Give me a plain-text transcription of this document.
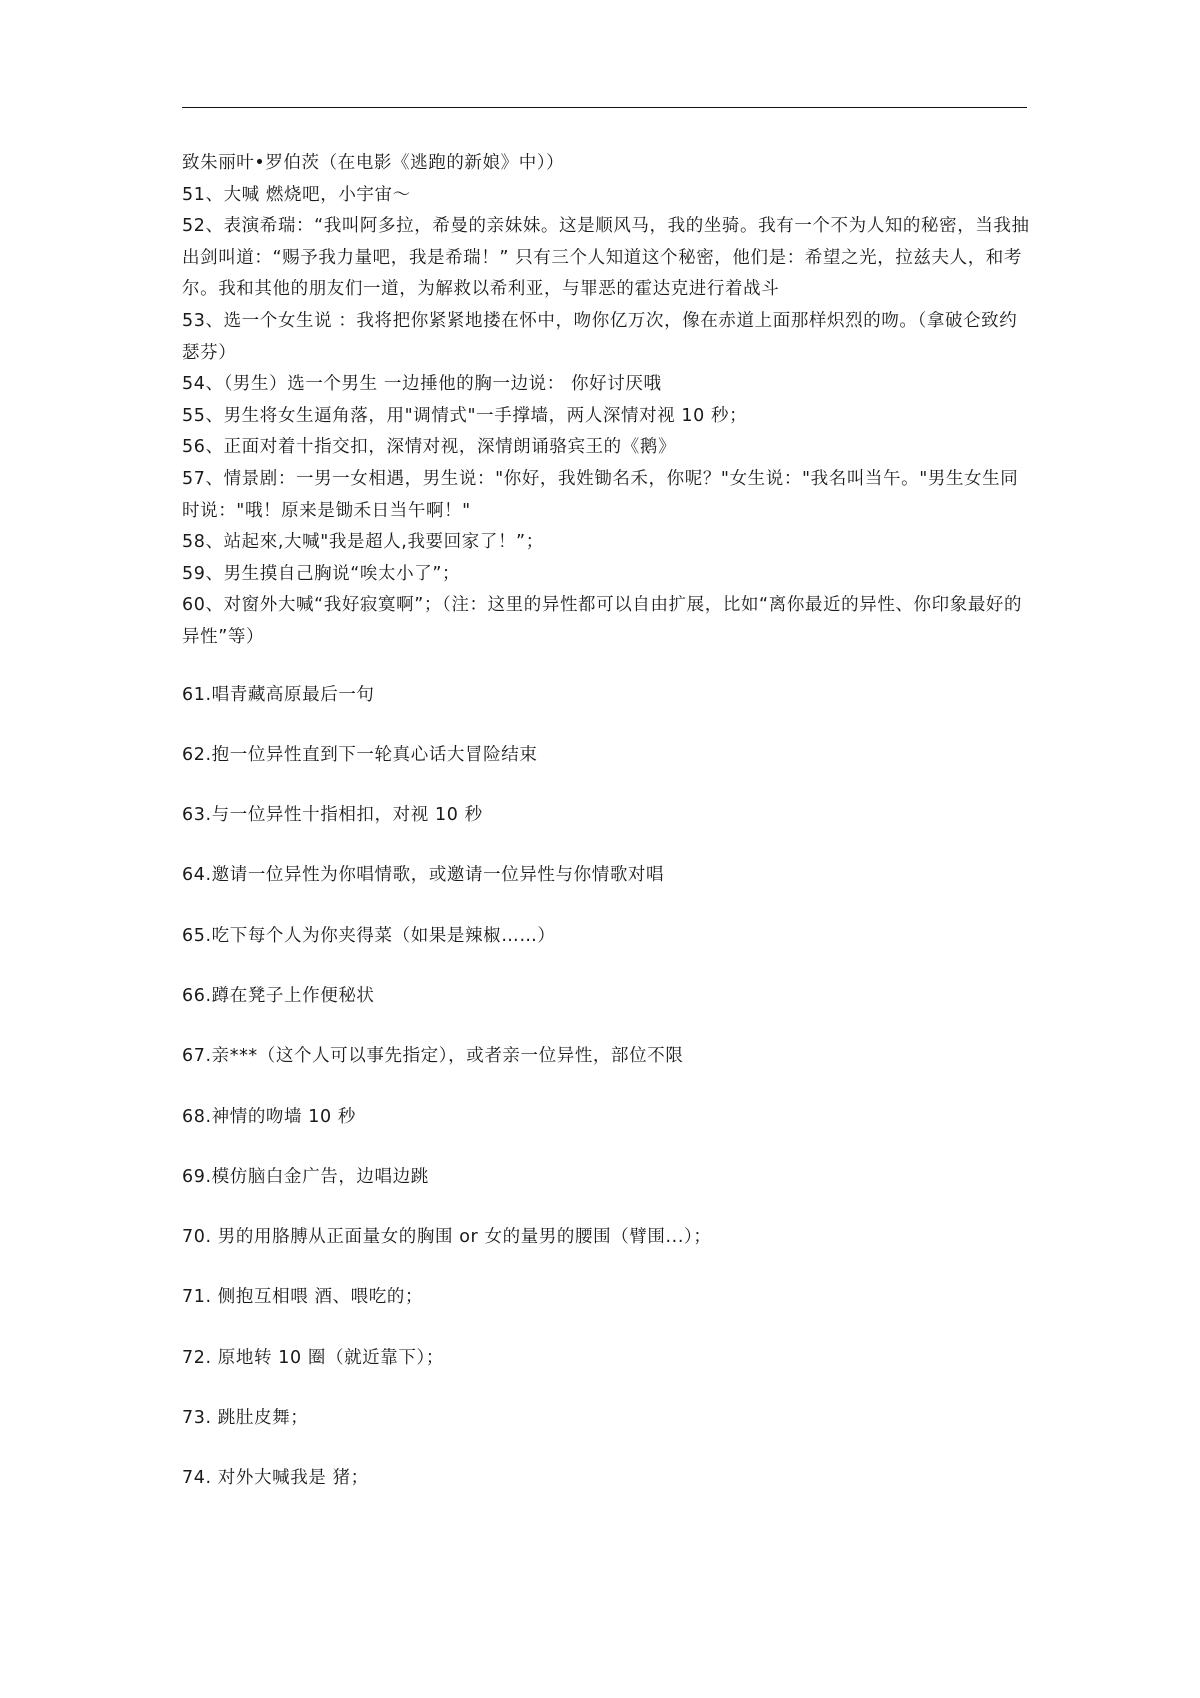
致朱丽叶•罗伯茨（在电影《逃跑的新娘》中））

51、大喊 燃烧吧，小宇宙～

52、表演希瑞：“我叫阿多拉，希曼的亲妹妹。这是顺风马，我的坐骑。我有一个不为人知的秘密，当我抽出剑叫道：“赐予我力量吧，我是希瑞！” 只有三个人知道这个秘密，他们是：希望之光，拉兹夫人，和考尔。我和其他的朋友们一道，为解救以希利亚，与罪恶的霍达克进行着战斗

53、选一个女生说 ：我将把你紧紧地搂在怀中，吻你亿万次，像在赤道上面那样炽烈的吻。（拿破仑致约瑟芬）

54、（男生）选一个男生 一边捶他的胸一边说： 你好讨厌哦

55、男生将女生逼角落，用"调情式"一手撑墙，两人深情对视 10 秒；

56、正面对着十指交扣，深情对视，深情朗诵骆宾王的《鹅》

57、情景剧：一男一女相遇，男生说："你好，我姓锄名禾，你呢？"女生说："我名叫当午。"男生女生同时说："哦！原来是锄禾日当午啊！"

58、站起來,大喊"我是超人,我要回家了！”；

59、男生摸自己胸说“唉太小了”；

60、对窗外大喊“我好寂寞啊”；（注：这里的异性都可以自由扩展，比如“离你最近的异性、你印象最好的异性”等）

61.唱青藏高原最后一句

62.抱一位异性直到下一轮真心话大冒险结束

63.与一位异性十指相扣，对视 10 秒

64.邀请一位异性为你唱情歌，或邀请一位异性与你情歌对唱

65.吃下每个人为你夹得菜（如果是辣椒……）

66.蹲在凳子上作便秘状

67.亲***（这个人可以事先指定），或者亲一位异性，部位不限

68.神情的吻墙 10 秒

69.模仿脑白金广告，边唱边跳

70. 男的用胳膊从正面量女的胸围 or 女的量男的腰围（臂围...）；

71. 侧抱互相喂 酒、喂吃的；

72. 原地转 10 圈（就近靠下）；

73. 跳肚皮舞；

74. 对外大喊我是 猪；
